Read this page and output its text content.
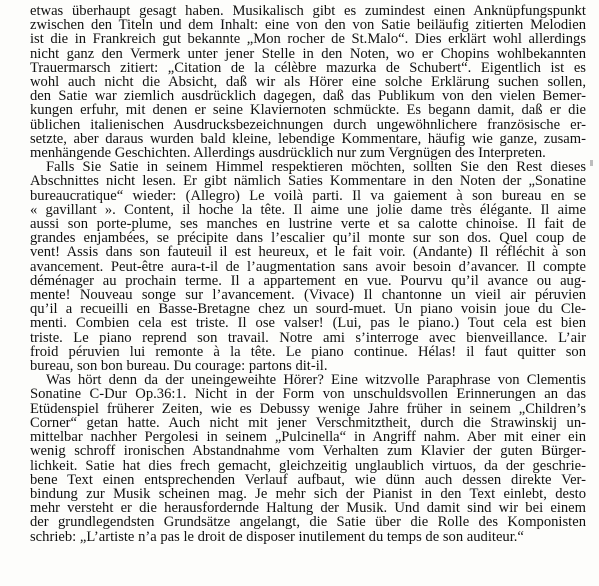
etwas überhaupt gesagt haben. Musikalisch gibt es zumindest einen Anknüpfungspunkt
zwischen den Titeln und dem Inhalt: eine von den von Satie beiläufig zitierten Melodien
ist die in Frankreich gut bekannte „Mon rocher de St.Malo“. Dies erklärt wohl allerdings
nicht ganz den Vermerk unter jener Stelle in den Noten, wo er Chopins wohlbekannten
Trauermarsch zitiert: „Citation de la célèbre mazurka de Schubert“. Eigentlich ist es
wohl auch nicht die Absicht, daß wir als Hörer eine solche Erklärung suchen sollen,
den Satie war ziemlich ausdrücklich dagegen, daß das Publikum von den vielen Bemer-
kungen erfuhr, mit denen er seine Klaviernoten schmückte. Es begann damit, daß er die
üblichen italienischen Ausdrucksbezeichnungen durch ungewöhnlichere französische er-
setzte, aber daraus wurden bald kleine, lebendige Kommentare, häufig wie ganze, zusam-
menhängende Geschichten. Allerdings ausdrücklich nur zum Vergnügen des Interpreten.
Falls Sie Satie in seinem Himmel respektieren möchten, sollten Sie den Rest dieses
Abschnittes nicht lesen. Er gibt nämlich Saties Kommentare in den Noten der „Sonatine
bureaucratique“ wieder: (Allegro) Le voilà parti. Il va gaiement à son bureau en se
« gavillant ». Content, il hoche la tête. Il aime une jolie dame très élégante. Il aime
aussi son porte-plume, ses manches en lustrine verte et sa calotte chinoise. Il fait de
grandes enjambées, se précipite dans l’escalier qu’il monte sur son dos. Quel coup de
vent! Assis dans son fauteuil il est heureux, et le fait voir. (Andante) Il réfléchit à son
avancement. Peut-être aura-t-il de l’augmentation sans avoir besoin d’avancer. Il compte
déménager au prochain terme. Il a appartement en vue. Pourvu qu’il avance ou aug-
mente! Nouveau songe sur l’avancement. (Vivace) Il chantonne un vieil air péruvien
qu’il a recueilli en Basse-Bretagne chez un sourd-muet. Un piano voisin joue du Cle-
menti. Combien cela est triste. Il ose valser! (Lui, pas le piano.) Tout cela est bien
triste. Le piano reprend son travail. Notre ami s’interroge avec bienveillance. L’air
froid péruvien lui remonte à la tête. Le piano continue. Hélas! il faut quitter son
bureau, son bon bureau. Du courage: partons dit-il.
Was hört denn da der uneingeweihte Hörer? Eine witzvolle Paraphrase von Clementis
Sonatine C-Dur Op.36:1. Nicht in der Form von unschuldsvollen Erinnerungen an das
Etüdenspiel früherer Zeiten, wie es Debussy wenige Jahre früher in seinem „Children’s
Corner“ getan hatte. Auch nicht mit jener Verschmitztheit, durch die Strawinskij un-
mittelbar nachher Pergolesi in seinem „Pulcinella“ in Angriff nahm. Aber mit einer ein
wenig schroff ironischen Abstandnahme vom Verhalten zum Klavier der guten Bürger-
lichkeit. Satie hat dies frech gemacht, gleichzeitig unglaublich virtuos, da der geschrie-
bene Text einen entsprechenden Verlauf aufbaut, wie dünn auch dessen direkte Ver-
bindung zur Musik scheinen mag. Je mehr sich der Pianist in den Text einlebt, desto
mehr versteht er die herausfordernde Haltung der Musik. Und damit sind wir bei einem
der grundlegendsten Grundsätze angelangt, die Satie über die Rolle des Komponisten
schrieb: „L’artiste n’a pas le droit de disposer inutilement du temps de son auditeur.“
